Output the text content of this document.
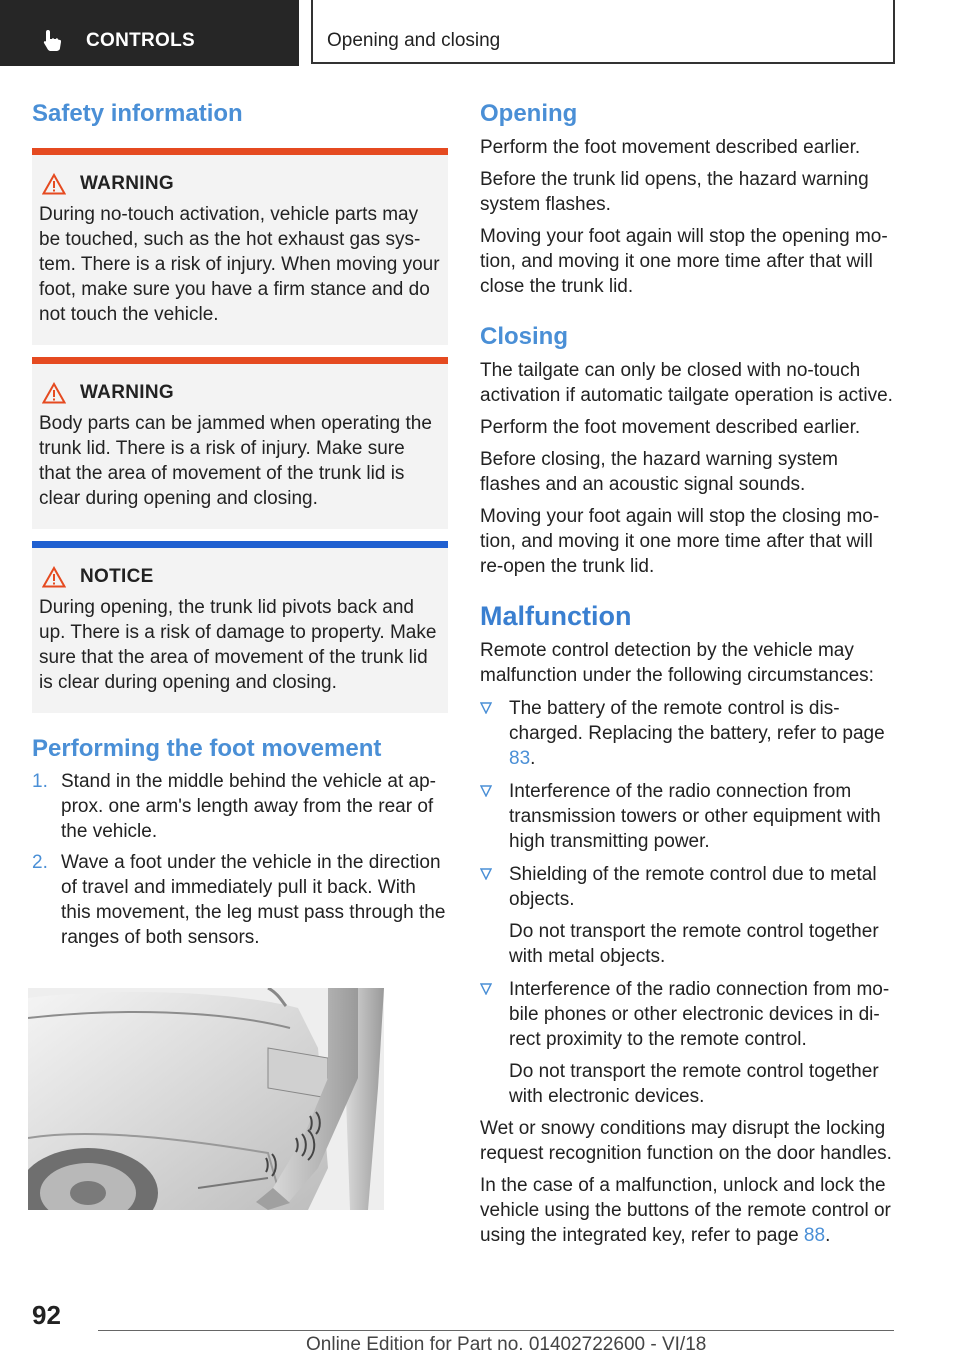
CONTROLS	Opening and closing
Safety information
WARNING

During no-touch activation, vehicle parts may be touched, such as the hot exhaust gas system. There is a risk of injury. When moving your foot, make sure you have a firm stance and do not touch the vehicle.

WARNING

Body parts can be jammed when operating the trunk lid. There is a risk of injury. Make sure that the area of movement of the trunk lid is clear during opening and closing.

NOTICE

During opening, the trunk lid pivots back and up. There is a risk of damage to property. Make sure that the area of movement of the trunk lid is clear during opening and closing.

Performing the foot movement
1. Stand in the middle behind the vehicle at approx. one arm's length away from the rear of the vehicle.
2. Wave a foot under the vehicle in the direction of travel and immediately pull it back. With this movement, the leg must pass through the ranges of both sensors.
Opening

Perform the foot movement described earlier.

Before the trunk lid opens, the hazard warning system flashes.

Moving your foot again will stop the opening motion, and moving it one more time after that will close the trunk lid.

Closing

The tailgate can only be closed with no-touch activation if automatic tailgate operation is active.

Perform the foot movement described earlier.

Before closing, the hazard warning system flashes and an acoustic signal sounds.

Moving your foot again will stop the closing motion, and moving it one more time after that will re-open the trunk lid.

Malfunction

Remote control detection by the vehicle may malfunction under the following circumstances:

The battery of the remote control is discharged. Replacing the battery, refer to page 83.
Interference of the radio connection from transmission towers or other equipment with high transmitting power.
Shielding of the remote control due to metal objects.

Do not transport the remote control together with metal objects.

Interference of the radio connection from mobile phones or other electronic devices in direct proximity to the remote control.

Do not transport the remote control together with electronic devices.

Wet or snowy conditions may disrupt the locking request recognition function on the door handles.

In the case of a malfunction, unlock and lock the vehicle using the buttons of the remote control or using the integrated key, refer to page 88.

92
Online Edition for Part no. 01402722600 - VI/18
